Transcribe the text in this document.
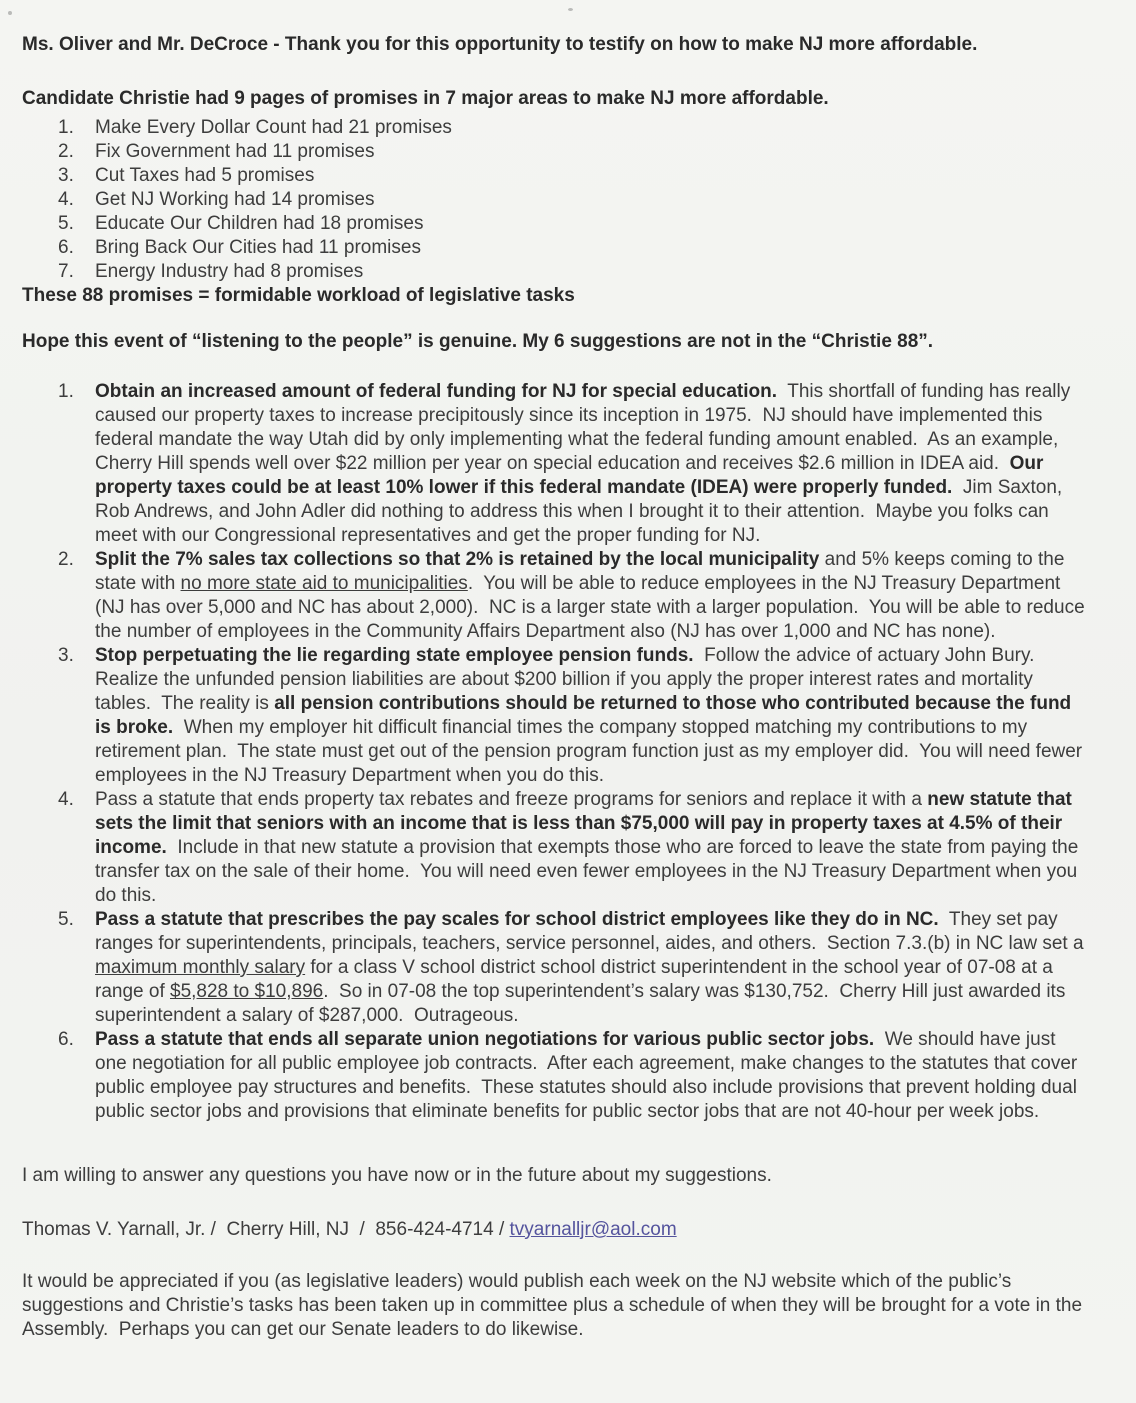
Ms. Oliver and Mr. DeCroce - Thank you for this opportunity to testify on how to make NJ more affordable.

Candidate Christie had 9 pages of promises in 7 major areas to make NJ more affordable.

1.	Make Every Dollar Count had 21 promises
2.	Fix Government had 11 promises
3.	Cut Taxes had 5 promises
4.	Get NJ Working had 14 promises
5.	Educate Our Children had 18 promises
6.	Bring Back Our Cities had 11 promises
7.	Energy Industry had 8 promises

These 88 promises = formidable workload of legislative tasks

Hope this event of “listening to the people” is genuine. My 6 suggestions are not in the “Christie 88”.

1.	Obtain an increased amount of federal funding for NJ for special education.  This shortfall of funding has really caused our property taxes to increase precipitously since its inception in 1975.  NJ should have implemented this federal mandate the way Utah did by only implementing what the federal funding amount enabled.  As an example, Cherry Hill spends well over $22 million per year on special education and receives $2.6 million in IDEA aid.  Our property taxes could be at least 10% lower if this federal mandate (IDEA) were properly funded.  Jim Saxton, Rob Andrews, and John Adler did nothing to address this when I brought it to their attention.  Maybe you folks can meet with our Congressional representatives and get the proper funding for NJ.
2.	Split the 7% sales tax collections so that 2% is retained by the local municipality and 5% keeps coming to the state with no more state aid to municipalities.  You will be able to reduce employees in the NJ Treasury Department (NJ has over 5,000 and NC has about 2,000).  NC is a larger state with a larger population.  You will be able to reduce the number of employees in the Community Affairs Department also (NJ has over 1,000 and NC has none).
3.	Stop perpetuating the lie regarding state employee pension funds.  Follow the advice of actuary John Bury. Realize the unfunded pension liabilities are about $200 billion if you apply the proper interest rates and mortality tables.  The reality is all pension contributions should be returned to those who contributed because the fund is broke.  When my employer hit difficult financial times the company stopped matching my contributions to my retirement plan.  The state must get out of the pension program function just as my employer did.  You will need fewer employees in the NJ Treasury Department when you do this.
4.	Pass a statute that ends property tax rebates and freeze programs for seniors and replace it with a new statute that sets the limit that seniors with an income that is less than $75,000 will pay in property taxes at 4.5% of their income.  Include in that new statute a provision that exempts those who are forced to leave the state from paying the transfer tax on the sale of their home.  You will need even fewer employees in the NJ Treasury Department when you do this.
5.	Pass a statute that prescribes the pay scales for school district employees like they do in NC.  They set pay ranges for superintendents, principals, teachers, service personnel, aides, and others.  Section 7.3.(b) in NC law set a maximum monthly salary for a class V school district school district superintendent in the school year of 07-08 at a range of $5,828 to $10,896.  So in 07-08 the top superintendent’s salary was $130,752.  Cherry Hill just awarded its superintendent a salary of $287,000.  Outrageous.
6.	Pass a statute that ends all separate union negotiations for various public sector jobs.  We should have just one negotiation for all public employee job contracts.  After each agreement, make changes to the statutes that cover public employee pay structures and benefits.  These statutes should also include provisions that prevent holding dual public sector jobs and provisions that eliminate benefits for public sector jobs that are not 40-hour per week jobs.

I am willing to answer any questions you have now or in the future about my suggestions.

Thomas V. Yarnall, Jr. /  Cherry Hill, NJ  /  856-424-4714 / tvyarnalljr@aol.com

It would be appreciated if you (as legislative leaders) would publish each week on the NJ website which of the public’s suggestions and Christie’s tasks has been taken up in committee plus a schedule of when they will be brought for a vote in the Assembly.  Perhaps you can get our Senate leaders to do likewise.
